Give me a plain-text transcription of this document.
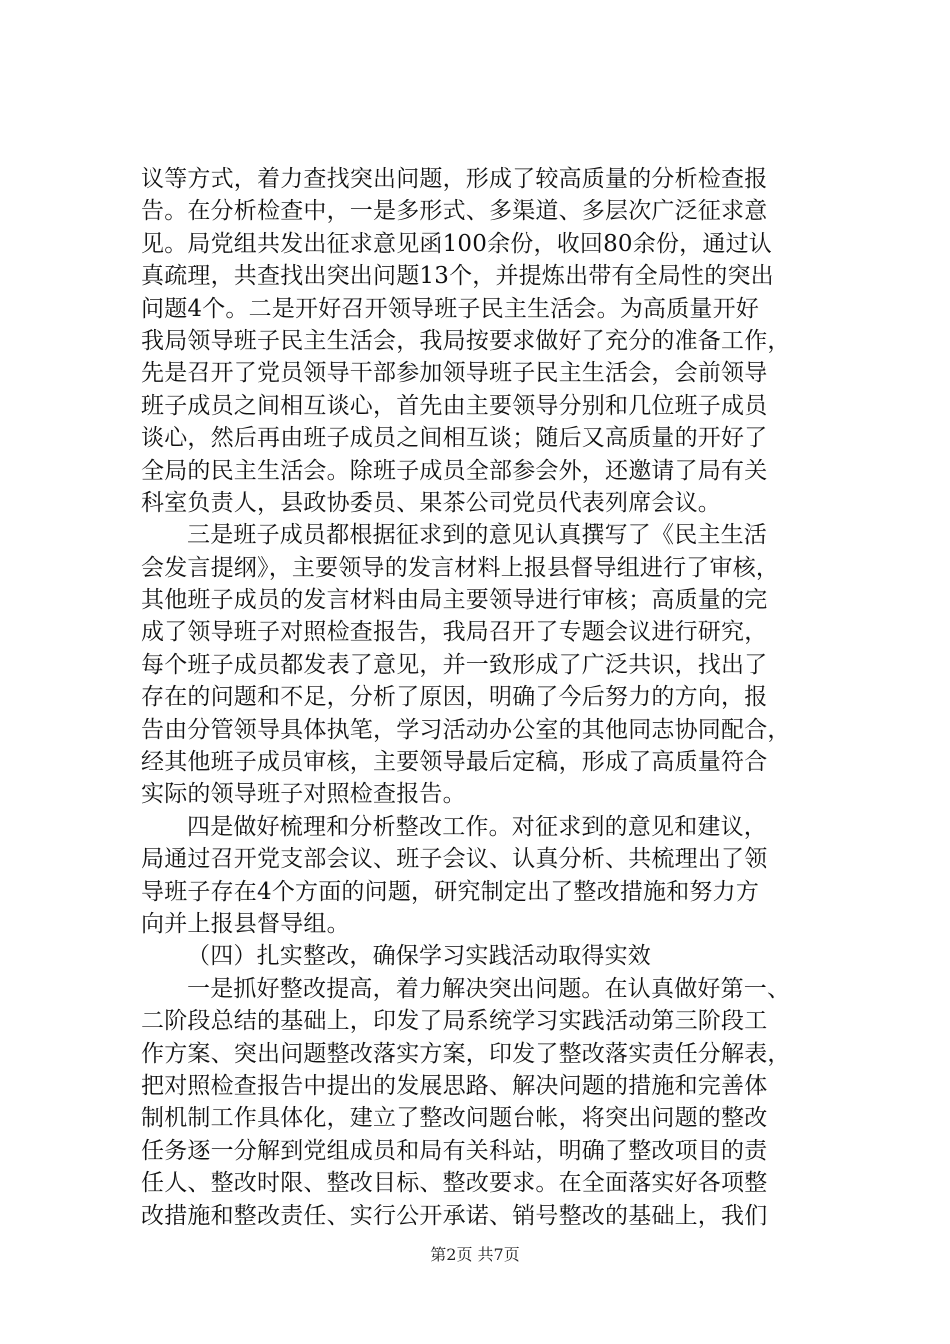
议等方式，着力查找突出问题，形成了较高质量的分析检查报
告。在分析检查中，一是多形式、多渠道、多层次广泛征求意
见。局党组共发出征求意见函100余份，收回80余份，通过认
真疏理，共查找出突出问题13个，并提炼出带有全局性的突出
问题4个。二是开好召开领导班子民主生活会。为高质量开好
我局领导班子民主生活会，我局按要求做好了充分的准备工作，
先是召开了党员领导干部参加领导班子民主生活会，会前领导
班子成员之间相互谈心，首先由主要领导分别和几位班子成员
谈心，然后再由班子成员之间相互谈；随后又高质量的开好了
全局的民主生活会。除班子成员全部参会外，还邀请了局有关
科室负责人，县政协委员、果茶公司党员代表列席会议。
三是班子成员都根据征求到的意见认真撰写了《民主生活
会发言提纲》，主要领导的发言材料上报县督导组进行了审核，
其他班子成员的发言材料由局主要领导进行审核；高质量的完
成了领导班子对照检查报告，我局召开了专题会议进行研究，
每个班子成员都发表了意见，并一致形成了广泛共识，找出了
存在的问题和不足，分析了原因，明确了今后努力的方向，报
告由分管领导具体执笔，学习活动办公室的其他同志协同配合，
经其他班子成员审核，主要领导最后定稿，形成了高质量符合
实际的领导班子对照检查报告。
四是做好梳理和分析整改工作。对征求到的意见和建议，
局通过召开党支部会议、班子会议、认真分析、共梳理出了领
导班子存在4个方面的问题，研究制定出了整改措施和努力方
向并上报县督导组。
（四）扎实整改，确保学习实践活动取得实效
一是抓好整改提高，着力解决突出问题。在认真做好第一、
二阶段总结的基础上，印发了局系统学习实践活动第三阶段工
作方案、突出问题整改落实方案，印发了整改落实责任分解表，
把对照检查报告中提出的发展思路、解决问题的措施和完善体
制机制工作具体化，建立了整改问题台帐，将突出问题的整改
任务逐一分解到党组成员和局有关科站，明确了整改项目的责
任人、整改时限、整改目标、整改要求。在全面落实好各项整
改措施和整改责任、实行公开承诺、销号整改的基础上，我们
第2页 共7页
